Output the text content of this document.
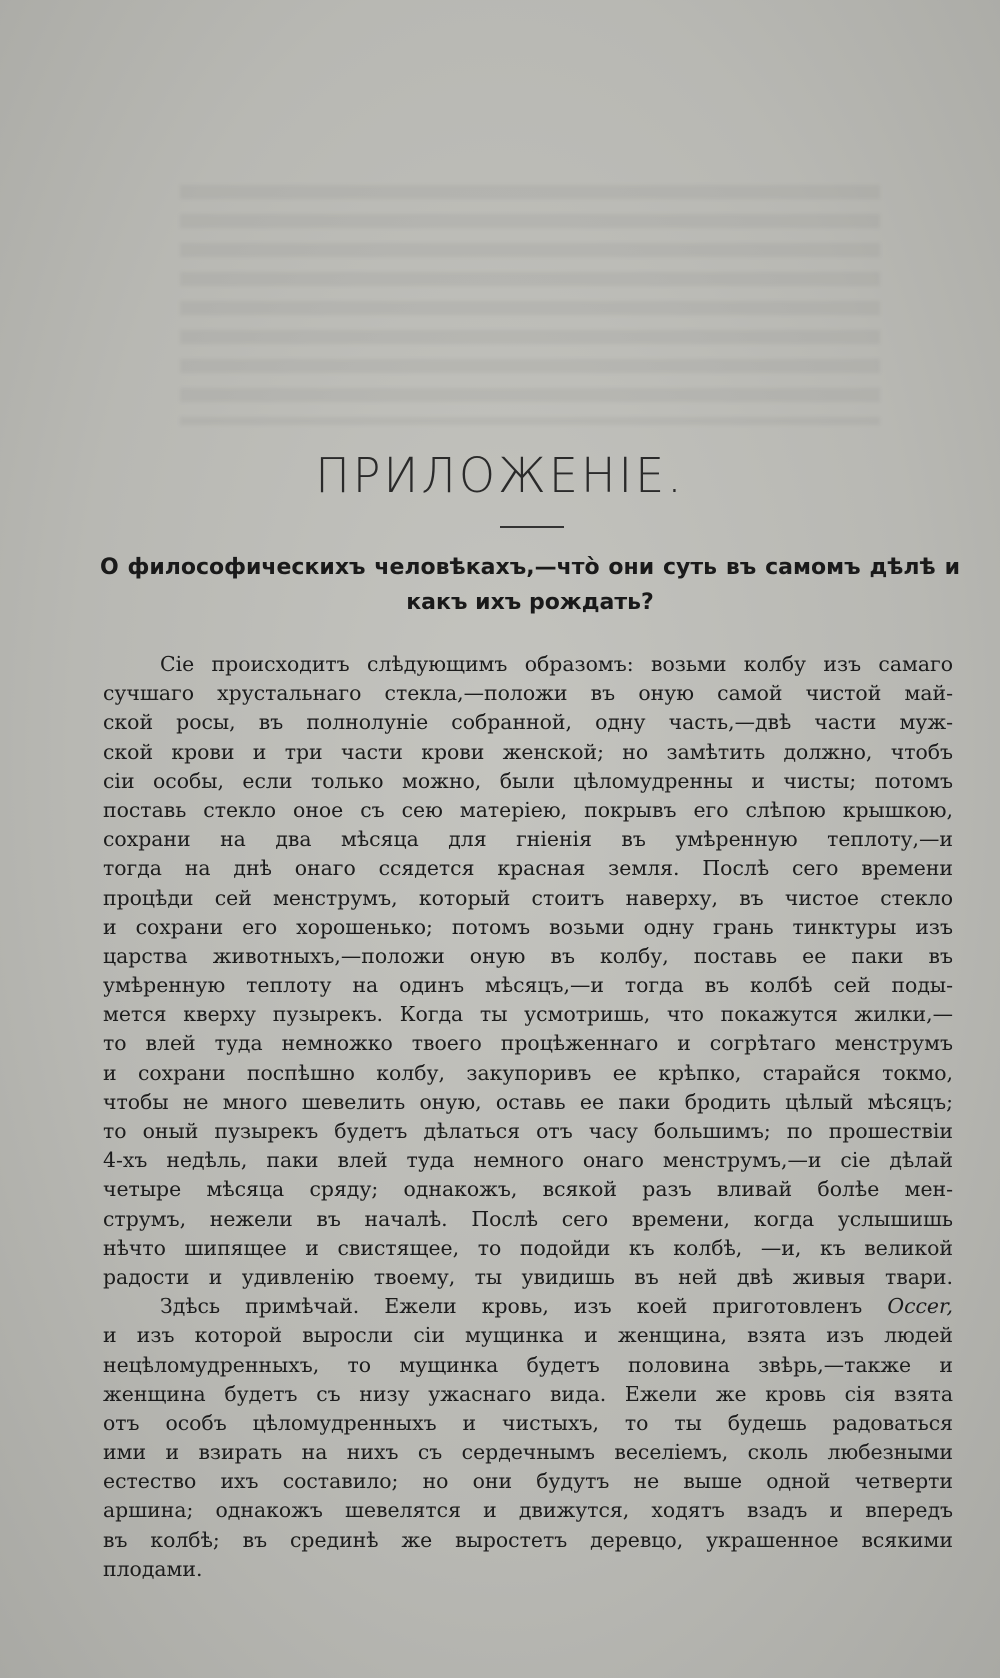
ПРИЛОЖЕНІЕ.
О философическихъ человѣкахъ,—что̀ они суть въ самомъ дѣлѣ и
какъ ихъ рождать?
Сіе происходитъ слѣдующимъ образомъ: возьми колбу изъ самаго
сучшаго хрустальнаго стекла,—положи въ оную самой чистой май-
ской росы, въ полнолуніе собранной, одну часть,—двѣ части муж-
ской крови и три части крови женской; но замѣтить должно, чтобъ
сіи особы, если только можно, были цѣломудренны и чисты; потомъ
поставь стекло оное съ сею матеріею, покрывъ его слѣпою крышкою,
сохрани на два мѣсяца для гніенія въ умѣренную теплоту,—и
тогда на днѣ онаго ссядется красная земля. Послѣ сего времени
процѣди сей менструмъ, который стоитъ наверху, въ чистое стекло
и сохрани его хорошенько; потомъ возьми одну грань тинктуры изъ
царства животныхъ,—положи оную въ колбу, поставь ее паки въ
умѣренную теплоту на одинъ мѣсяцъ,—и тогда въ колбѣ сей поды-
мется кверху пузырекъ. Когда ты усмотришь, что покажутся жилки,—
то влей туда немножко твоего процѣженнаго и согрѣтаго менструмъ
и сохрани поспѣшно колбу, закупоривъ ее крѣпко, старайся токмо,
чтобы не много шевелить оную, оставь ее паки бродить цѣлый мѣсяцъ;
то оный пузырекъ будетъ дѣлаться отъ часу большимъ; по прошествіи
4-хъ недѣль, паки влей туда немного онаго менструмъ,—и сіе дѣлай
четыре мѣсяца сряду; однакожъ, всякой разъ вливай болѣе мен-
струмъ, нежели въ началѣ. Послѣ сего времени, когда услышишь
нѣчто шипящее и свистящее, то подойди къ колбѣ, —и, къ великой
радости и удивленію твоему, ты увидишь въ ней двѣ живыя твари.
Здѣсь примѣчай. Ежели кровь, изъ коей приготовленъ Occer,
и изъ которой выросли сіи мущинка и женщина, взята изъ людей
нецѣломудренныхъ, то мущинка будетъ половина звѣрь,—также и
женщина будетъ съ низу ужаснаго вида. Ежели же кровь сія взята
отъ особъ цѣломудренныхъ и чистыхъ, то ты будешь радоваться
ими и взирать на нихъ съ сердечнымъ веселіемъ, сколь любезными
естество ихъ составило; но они будутъ не выше одной четверти
аршина; однакожъ шевелятся и движутся, ходятъ взадъ и впередъ
въ колбѣ; въ срединѣ же выростетъ деревцо, украшенное всякими
плодами.
